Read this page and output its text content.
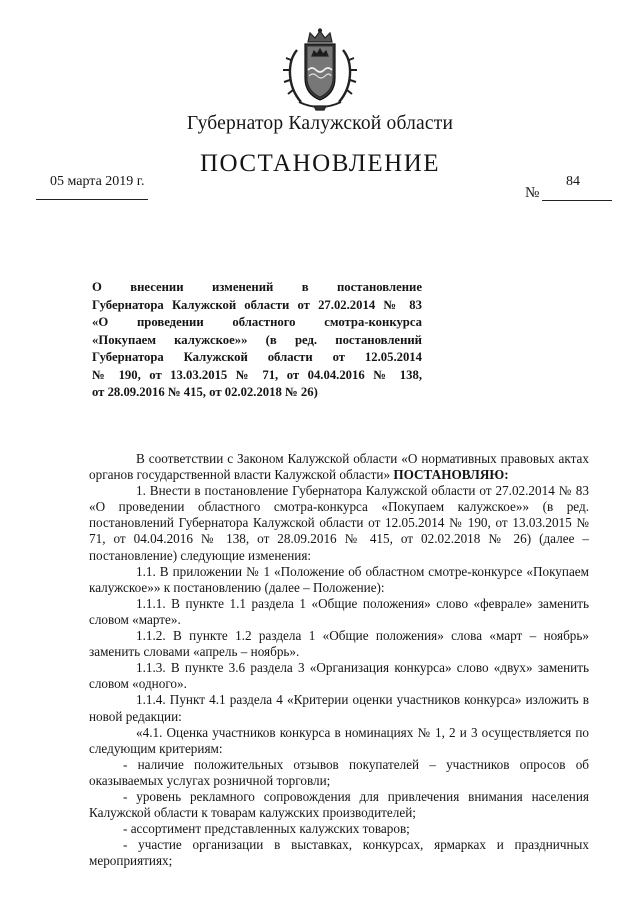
Губернатор Калужской области
ПОСТАНОВЛЕНИЕ
05 марта 2019 г.
№
84
О внесении изменений в постановление
Губернатора Калужской области от 27.02.2014 № 83
«О проведении областного смотра-конкурса
«Покупаем калужское»» (в ред. постановлений
Губернатора Калужской области от 12.05.2014
№ 190, от 13.03.2015 № 71, от 04.04.2016 № 138,
от 28.09.2016 № 415, от 02.02.2018 № 26)

В соответствии с Законом Калужской области «О нормативных правовых актах органов государственной власти Калужской области» ПОСТАНОВЛЯЮ:

1. Внести в постановление Губернатора Калужской области от 27.02.2014 № 83 «О проведении областного смотра-конкурса «Покупаем калужское»» (в ред. постановлений Губернатора Калужской области от 12.05.2014 № 190, от 13.03.2015 № 71, от 04.04.2016 № 138, от 28.09.2016 № 415, от 02.02.2018 № 26) (далее – постановление) следующие изменения:

1.1. В приложении № 1 «Положение об областном смотре-конкурсе «Покупаем калужское»» к постановлению (далее – Положение):

1.1.1. В пункте 1.1 раздела 1 «Общие положения» слово «феврале» заменить словом «марте».

1.1.2. В пункте 1.2 раздела 1 «Общие положения» слова «март – ноябрь» заменить словами «апрель – ноябрь».

1.1.3. В пункте 3.6 раздела 3 «Организация конкурса» слово «двух» заменить словом «одного».

1.1.4. Пункт 4.1 раздела 4 «Критерии оценки участников конкурса» изложить в новой редакции:

«4.1. Оценка участников конкурса в номинациях № 1, 2 и 3 осуществляется по следующим критериям:

- наличие положительных отзывов покупателей – участников опросов об оказываемых услугах розничной торговли;

- уровень рекламного сопровождения для привлечения внимания населения Калужской области к товарам калужских производителей;

- ассортимент представленных калужских товаров;

- участие организации в выставках, конкурсах, ярмарках и праздничных мероприятиях;
